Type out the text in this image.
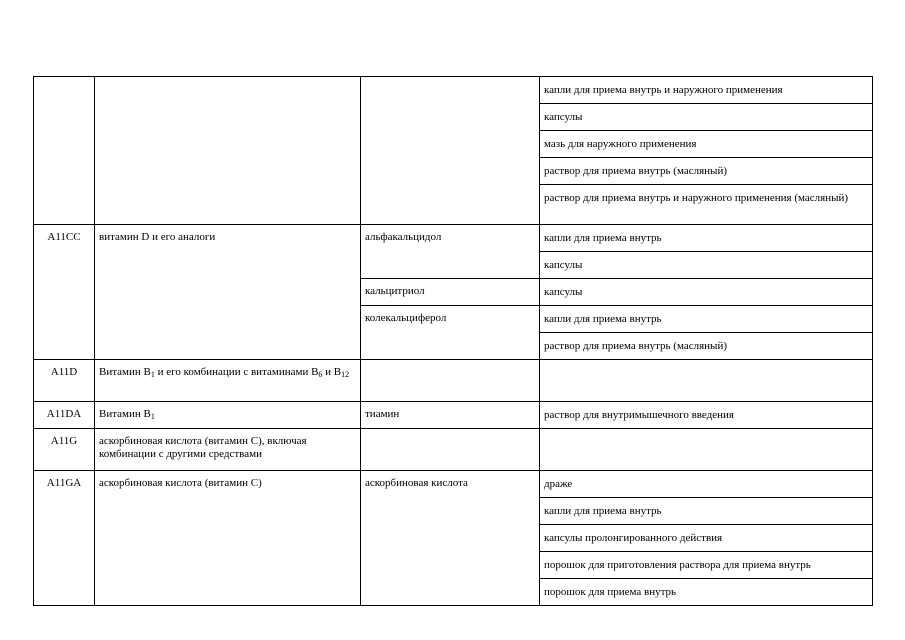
			капли для приема внутрь и наружного применения
			капсулы
			мазь для наружного применения
			раствор для приема внутрь (масляный)
			раствор для приема внутрь и наружного применения (масляный)
A11CC	витамин D и его аналоги	альфакальцидол	капли для приема внутрь
			капсулы
		кальцитриол	капсулы
		колекальциферол	капли для приема внутрь
			раствор для приема внутрь (масляный)
A11D	Витамин $B_1$ и его комбинации с витаминами $B_6$ и $B_{12}$		
A11DA	Витамин $B_1$	тиамин	раствор для внутримышечного введения
A11G	аскорбиновая кислота (витамин С), включая комбинации с другими средствами		
A11GA	аскорбиновая кислота (витамин С)	аскорбиновая кислота	драже
			капли для приема внутрь
			капсулы пролонгированного действия
			порошок для приготовления раствора для приема внутрь
			порошок для приема внутрь
